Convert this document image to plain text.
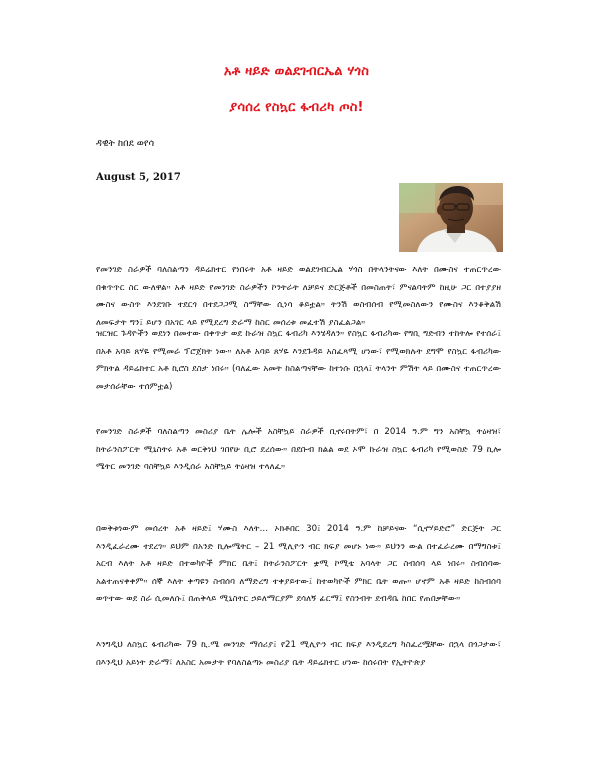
አቶ ዛይድ ወልደገብርኤል ሃጎስ
ያሳሰረ የስኳር ፋብሪካ ጦስ!
ዳዊት ከበደ ወየሳ
August 5, 2017
የመንገድ ስራዎች ባለስልጣን ዳይሬክተር የነበሩት አቶ ዛይድ ወልደገብርኤል ሃጎስ በትላንትናው እለት በሙስና ተጠርጥረው በቁጥጥር ስር ውለዋል። አቶ ዛይድ የመንገድ ስራዎችን ኮንትራት ለቻይና ድርጅቶች በመስጠት፣ ምናልባትም ከዚሁ ጋር በተያያዘ ሙስና ውስጥ እንደገቡ ተደርጎ በተደጋጋሚ ስማቸው ሲነሳ ቆይቷል። ትንሽ ወስብሰብ የሚመስለውን የሙስና እንቆቅልሽ ለመፍታት ግን፤ ይሆን በአገር ላይ የሚደረግ ድራማ ከስር መሰረቱ መፈተሽ ያስፈልጋል።
ዝርዝር ጉዳዮችን ወደነን በመተው በቀጥታ ወደ ኩራዝ ስኳር ፋብሪካ እንሄዳለን። የስኳር ፋብሪካው የግቢ ግድብን ተከትሎ የተሰራ፤ በአቶ አባይ ጸሃዬ የሚመራ ፕሮጀክት ነው። ለአቶ አባይ ጸሃዬ እንደጉዳይ አስፈጻሚ ሆነው፣ የሚወክሉት ደግሞ የስኳር ፋብሪካው ምክትል ዳይሬክተር አቶ ኪሮስ ደስታ ነበሩ። (ባለፈው አመት ከስልጣናቸው ከተነሱ በኋላ፤ ትላንት ምሽት ላይ በሙስና ተጠርጥረው መታሰራቸው ተሰምቷል)
የመንገድ ስራዎች ባለስልጣን መስሪያ ቤት ሌሎች አስቸኳይ ስራዎች ቢኖሩበትም፣ በ 2014 ዓ.ም ግን አስቸኳ ትዕዛዝ፣ ከትራንስፖርት ሚኒስትሩ አቶ ወርቅነህ ገበየሁ ቢሮ ደረሰው። በደቡብ ክልል ወደ ኦሞ ኩራዝ ስኳር ፋብሪካ የሚወስድ 79 ኪሎ ሜትር መንገድ ባስቸኳይ እንዲሰራ አስቸኳይ ትዕዛዝ ተላለፈ።
በወቅቱነውም መሰረት አቶ ዛይድ፤ ሃሙስ እለት… ኦክቶበር 30፤ 2014 ዓ.ም ከቻይናው “ሲኖሃይድሮ” ድርጅት ጋር እንዲፈራረሙ ተደረገ። ይህም በአንድ ኪሎሜትር – 21 ሚሊዮን ብር ክፍያ መሆኑ ነው። ይህንን ውል በተፈራረሙ በማግስቱ፤ አርብ እለት አቶ ዛይድ በተወካዮች ምክር ቤት፤ ከትራንስፖርት ቋሚ ኮሚቴ አባላት ጋር ስብሰባ ላይ ነበሩ። ስብሰባው አልተጠናቀቀም። ሰኞ እለት ቀጣዩን ስብሰባ ለማድረግ ተቀያይተው፤ ከተወካዮች ምክር ቤት ወጡ። ሆኖም አቶ ዛይድ ከስብሰባ ወጥተው ወደ ስራ ሲመለሱ፤ በጠቅላይ ሚኒስትር ኃይለማርያም ደሳለኝ ፊርማ፤ የስንብት ደብዳቤ ከበር የጠበቃቸው።
እንግዲህ ለስኳር ፋብሪካው 79 ኪ.ሜ መንገድ ማሰሪያ፤ የ21 ሚሊዮን ብር ክፍያ እንዲደረግ ካስፈረሟቸው በኋላ በጎጋታው፣ በእንዲህ አይነት ድራማ፣ ለአስር አመታት የባለስልጣኑ መስሪያ ቤት ዳይሬክተር ሆነው ከሰሩበት የኢትዮጵያ
